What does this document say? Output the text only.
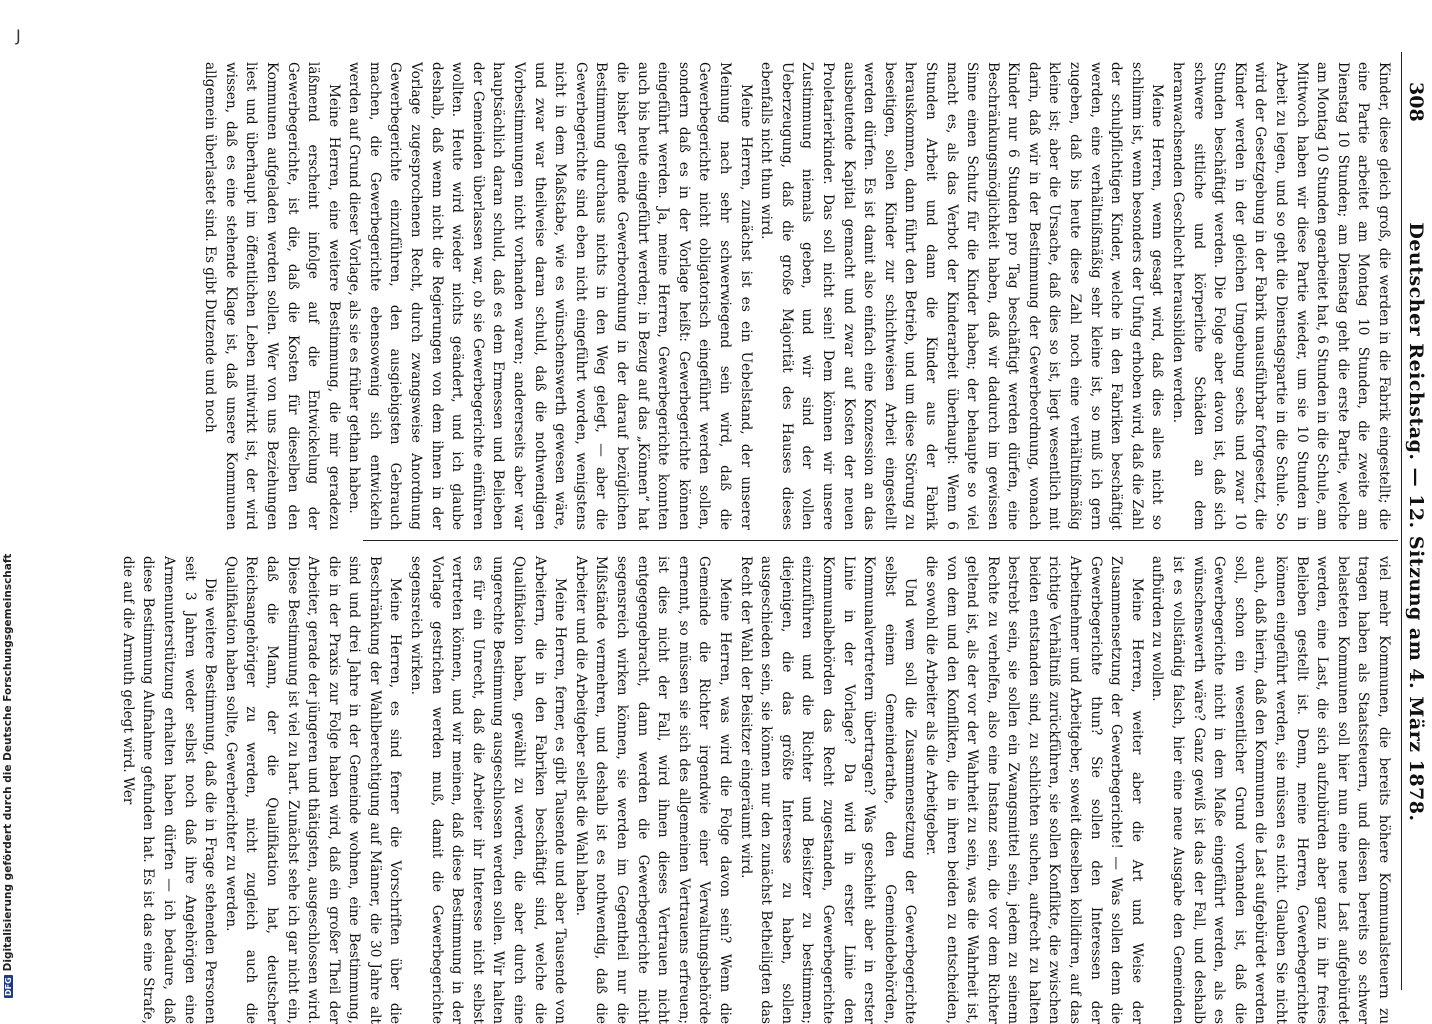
J
308
Deutscher Reichstag. — 12. Sitzung am 4. März 1878.

Kinder, diese gleich groß, die werden in die Fabrik eingestellt; die eine Partie arbeitet am Montag 10 Stunden, die zweite am Dienstag 10 Stunden; am Dienstag geht die erste Partie, welche am Montag 10 Stunden gearbeitet hat, 6 Stunden in die Schule, am Mittwoch haben wir diese Partie wieder, um sie 10 Stunden in Arbeit zu legen, und so geht die Dienstagspartie in die Schule. So wird der Gesetzgebung in der Fabrik unausführbar fortgesetzt, die Kinder werden in der gleichen Umgebung sechs und zwar 10 Stunden beschäftigt werden. Die Folge aber davon ist, daß sich schwere sittliche und körperliche Schäden an dem heranwachsenden Geschlecht herausbilden werden.

Meine Herren, wenn gesagt wird, daß dies alles nicht so schlimm ist, wenn besonders der Unfug erhoben wird, daß die Zahl der schulpflichtigen Kinder, welche in den Fabriken beschäftigt werden, eine verhältnißmäßig sehr kleine ist, so muß ich gern zugeben, daß bis heute diese Zahl noch eine verhältnißmäßig kleine ist; aber die Ursache, daß dies so ist, liegt wesentlich mit darin, daß wir in der Bestimmung der Gewerbeordnung, wonach Kinder nur 6 Stunden pro Tag beschäftigt werden dürfen, eine Beschränkungsmöglichkeit haben, daß wir dadurch im gewissen Sinne einen Schutz für die Kinder haben; der behaupte so viel macht es, als das Verbot der Kinderarbeit überhaupt: Wenn 6 Stunden Arbeit und dann die Kinder aus der Fabrik herauskommen, dann führt den Betrieb, und um diese Störung zu beseitigen, sollen Kinder zur schichtweisen Arbeit eingestellt werden dürfen. Es ist damit also einfach eine Konzession an das ausbeutende Kapital gemacht und zwar auf Kosten der neuen Proletarierkinder. Das soll nicht sein! Dem können wir unsere Zustimmung niemals geben, und wir sind der vollen Ueberzeugung, daß die große Majorität des Hauses dieses ebenfalls nicht thun wird.

Meine Herren, zunächst ist es ein Uebelstand, der unserer Meinung nach sehr schwerwiegend sein wird, daß die Gewerbegerichte nicht obligatorisch eingeführt werden sollen, sondern daß es in der Vorlage heißt: Gewerbegerichte können eingeführt werden. Ja, meine Herren, Gewerbegerichte konnten auch bis heute eingeführt werden; in Bezug auf das „Können“ hat die bisher geltende Gewerbeordnung in der darauf bezüglichen Bestimmung durchaus nichts in den Weg gelegt, — aber die Gewerbegerichte sind eben nicht eingeführt worden, wenigstens nicht in dem Maßstabe, wie es wünschenswerth gewesen wäre, und zwar war theilweise daran schuld, daß die nothwendigen Vorbestimmungen nicht vorhanden waren; andererseits aber war hauptsächlich daran schuld, daß es dem Ermessen und Belieben der Gemeinden überlassen war, ob sie Gewerbegerichte einführen wollten. Heute wird wieder nichts geändert, und ich glaube deshalb, daß wenn nicht die Regierungen von dem ihnen in der Vorlage zugesprochenen Recht, durch zwangsweise Anordnung Gewerbegerichte einzuführen, den ausgiebigsten Gebrauch machen, die Gewerbegerichte ebensowenig sich entwickeln werden auf Grund dieser Vorlage, als sie es früher gethan haben.

Meine Herren, eine weitere Bestimmung, die mir geradezu läßmend erscheint infolge auf die Entwickelung der Gewerbegerichte, ist die, daß die Kosten für dieselben den Kommunen aufgeladen werden sollen. Wer von uns Beziehungen liest und überhaupt im öffentlichen Leben mitwirkt ist, der wird wissen, daß es eine stehende Klage ist, daß unsere Kommunen allgemein überlastet sind. Es gibt Dutzende und noch

viel mehr Kommunen, die bereits höhere Kommunalsteuern zu tragen haben als Staatssteuern, und diesen bereits so schwer belasteten Kommunen soll hier nun eine neue Last aufgebürdet werden, eine Last, die sich aufzubürden aber ganz in ihr freies Belieben gestellt ist. Denn, meine Herren, Gewerbegerichte können eingeführt werden, sie müssen es nicht. Glauben Sie nicht auch, daß hierin, daß den Kommunen die Last aufgebürdet werden soll, schon ein wesentlicher Grund vorhanden ist, daß die Gewerbegerichte nicht in dem Maße eingeführt werden, als es wünschenswerth wäre? Ganz gewiß ist das der Fall, und deshalb ist es vollständig falsch, hier eine neue Ausgabe den Gemeinden aufbürden zu wollen.

Meine Herren, weiter aber die Art und Weise der Zusammensetzung der Gewerbegerichte! — Was sollen denn die Gewerbegerichte thun? Sie sollen den Interessen der Arbeitnehmer und Arbeitgeber, soweit dieselben kollidiren, auf das richtige Verhältniß zurückführen, sie sollen Konflikte, die zwischen beiden entstanden sind, zu schlichten suchen, aufrecht zu halten bestrebt sein, sie sollen ein Zwangsmittel sein, jedem zu seinem Rechte zu verhelfen, also eine Instanz sein, die vor dem Richter geltend ist, als der vor der Wahrheit zu sein, was die Wahrheit ist, von dem und den Konflikten, die in ihren beiden zu entscheiden, die sowohl die Arbeiter als die Arbeitgeber.

Und wem soll die Zusammensetzung der Gewerbegerichte selbst einem Gemeinderathe, den Gemeindebehörden, Kommunalvertretern übertragen? Was geschieht aber in erster Linie in der Vorlage? Da wird in erster Linie den Kommunalbehörden das Recht zugestanden, Gewerbegerichte einzuführen und die Richter und Beisitzer zu bestimmen; diejenigen, die das größte Interesse zu haben, sollen ausgeschieden sein, sie können nur den zunächst Betheiligten das Recht der Wahl der Beisitzer eingeräumt wird.

Meine Herren, was wird die Folge davon sein? Wenn die Gemeinde die Richter irgendwie einer Verwaltungsbehörde ernennt, so müssen sie sich des allgemeinen Vertrauens erfreuen; ist dies nicht der Fall, wird ihnen dieses Vertrauen nicht entgegengebracht, dann werden die Gewerbegerichte nicht segensreich wirken können, sie werden im Gegentheil nur die Mißstände vermehren, und deshalb ist es nothwendig, daß die Arbeiter und die Arbeitgeber selbst die Wahl haben.

Meine Herren, ferner, es gibt Tausende und aber Tausende von Arbeitern, die in den Fabriken beschäftigt sind, welche die Qualifikation haben, gewählt zu werden, die aber durch eine ungerechte Bestimmung ausgeschlossen werden sollen. Wir halten es für ein Unrecht, daß die Arbeiter ihr Interesse nicht selbst vertreten können, und wir meinen, daß diese Bestimmung in der Vorlage gestrichen werden muß, damit die Gewerbegerichte segensreich wirken.

Meine Herren, es sind ferner die Vorschriften über die Beschränkung der Wahlberechtigung auf Männer, die 30 Jahre alt sind und drei Jahre in der Gemeinde wohnen, eine Bestimmung, die in der Praxis zur Folge haben wird, daß ein großer Theil der Arbeiter, gerade der jüngeren und thätigsten, ausgeschlossen wird. Diese Bestimmung ist viel zu hart. Zunächst sehe ich gar nicht ein, daß die Mann, der die Qualifikation hat, deutscher Reichsangehöriger zu werden, nicht zugleich auch die Qualifikation haben sollte, Gewerberichter zu werden.

Die weitere Bestimmung, daß die in Frage stehenden Personen seit 3 Jahren weder selbst noch daß ihre Angehörigen eine Armenunterstützung erhalten haben dürfen — ich bedaure, daß diese Bestimmung Aufnahme gefunden hat. Es ist das eine Strafe, die auf die Armuth gelegt wird. Wer

DFGDigitalisierung gefördert durch die Deutsche Forschungsgemeinschaft
